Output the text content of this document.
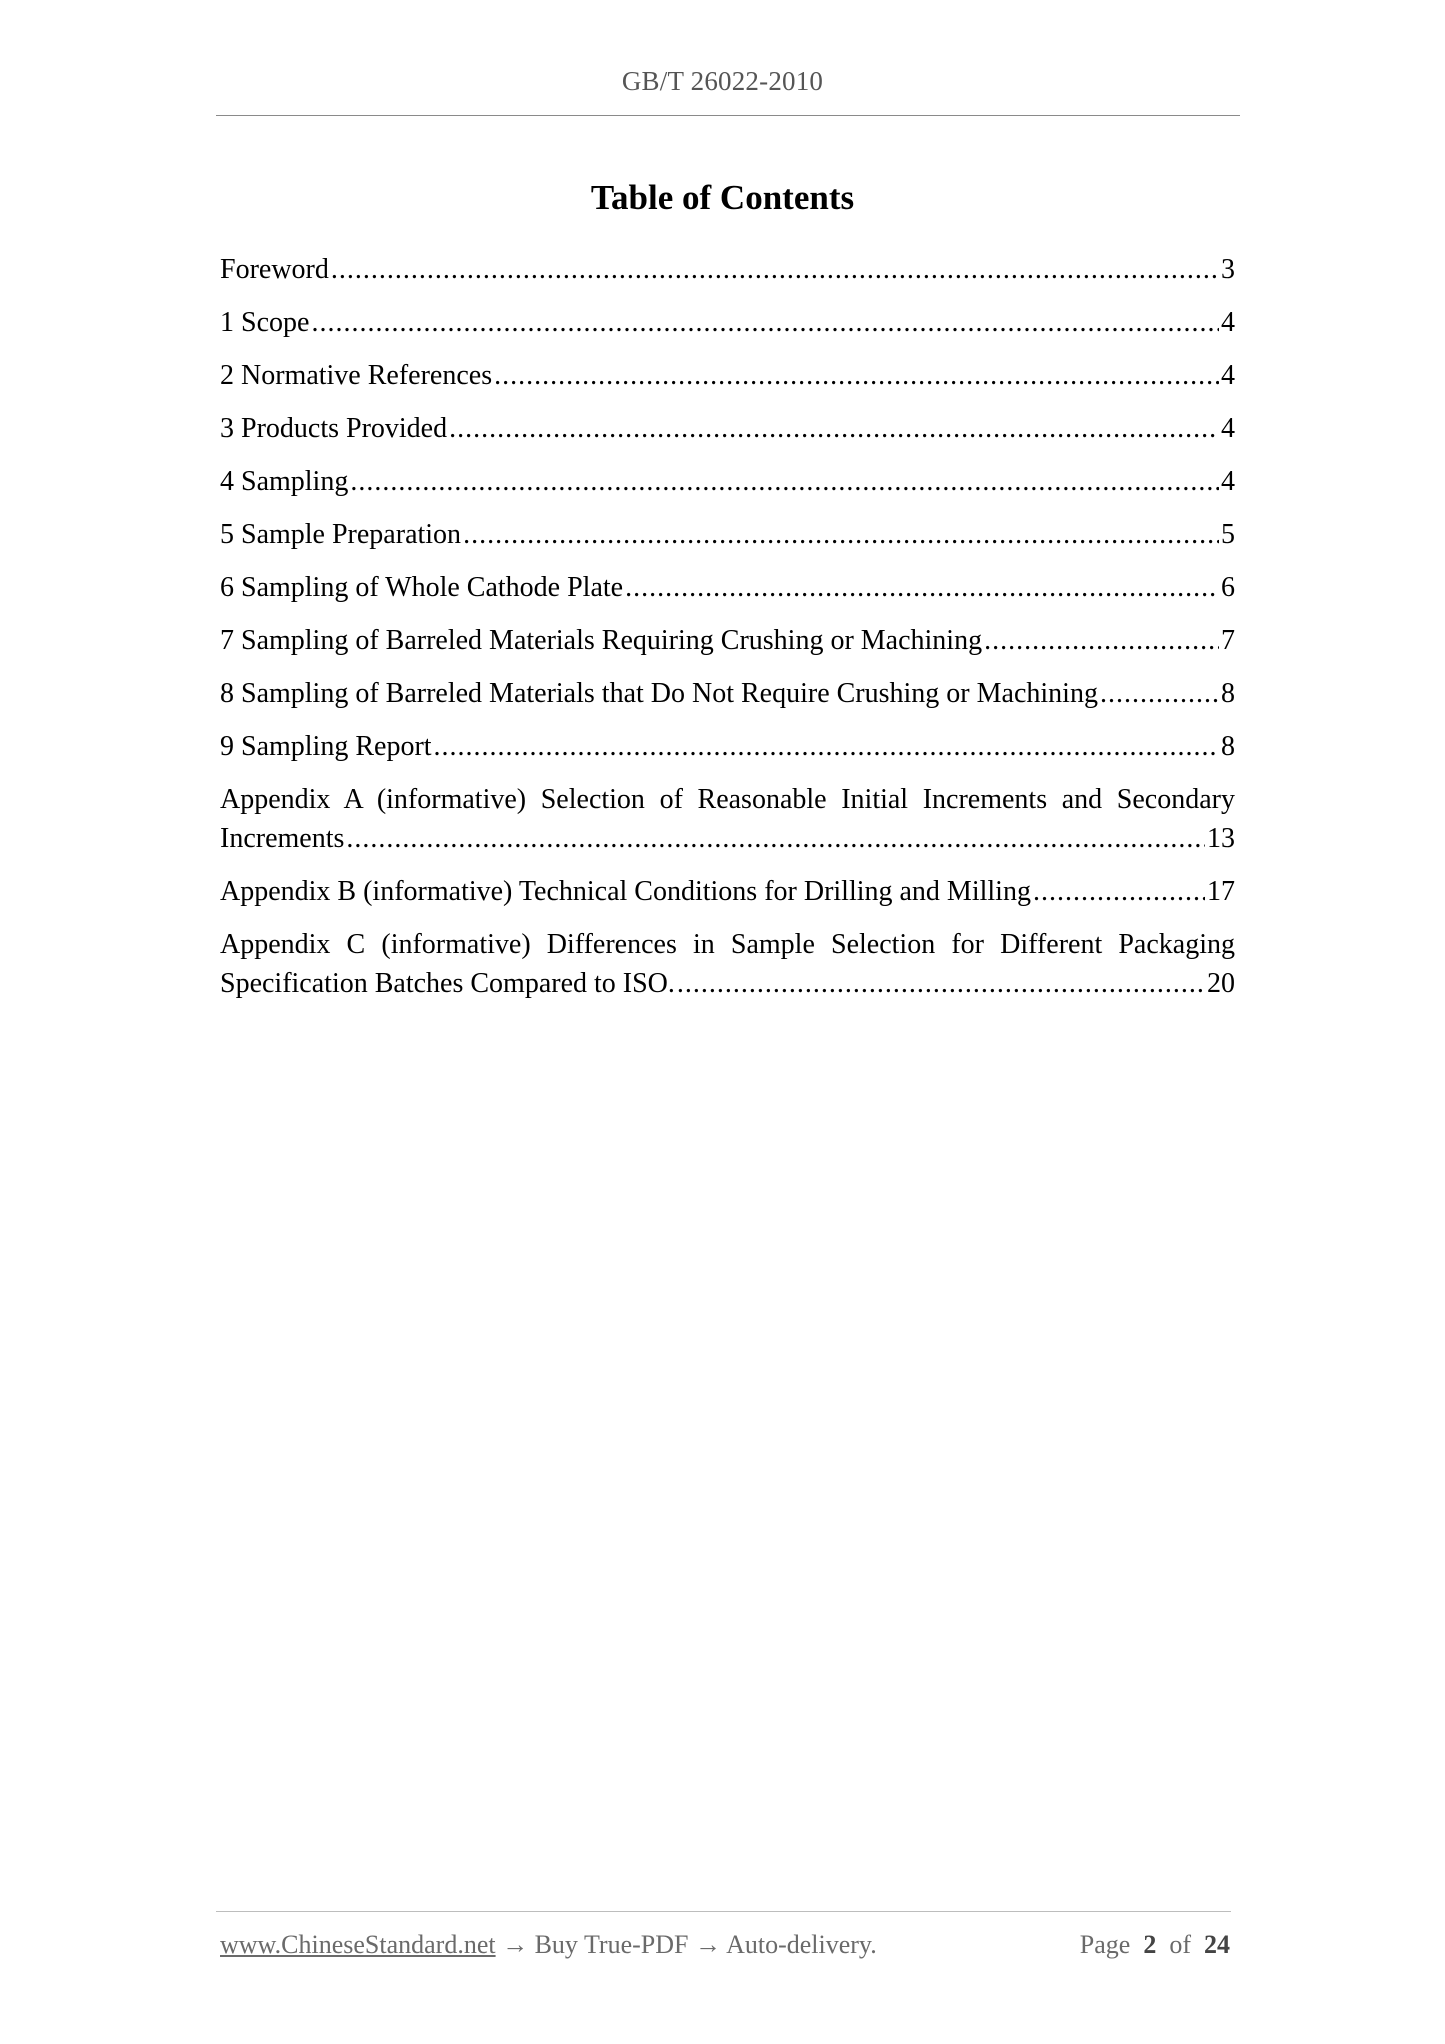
GB/T 26022-2010
Table of Contents
Foreword .....	3
1 Scope .....	4
2 Normative References .....	4
3 Products Provided .....	4
4 Sampling .....	4
5 Sample Preparation .....	5
6 Sampling of Whole Cathode Plate .....	6
7 Sampling of Barreled Materials Requiring Crushing or Machining .....	7
8 Sampling of Barreled Materials that Do Not Require Crushing or Machining .....	8
9 Sampling Report .....	8
Appendix A (informative) Selection of Reasonable Initial Increments and Secondary
Increments .....	13
Appendix B (informative) Technical Conditions for Drilling and Milling .....	17
Appendix C (informative) Differences in Sample Selection for Different Packaging
Specification Batches Compared to ISO. .....	20
www.ChineseStandard.net → Buy True-PDF → Auto-delivery.	Page 2 of 24
